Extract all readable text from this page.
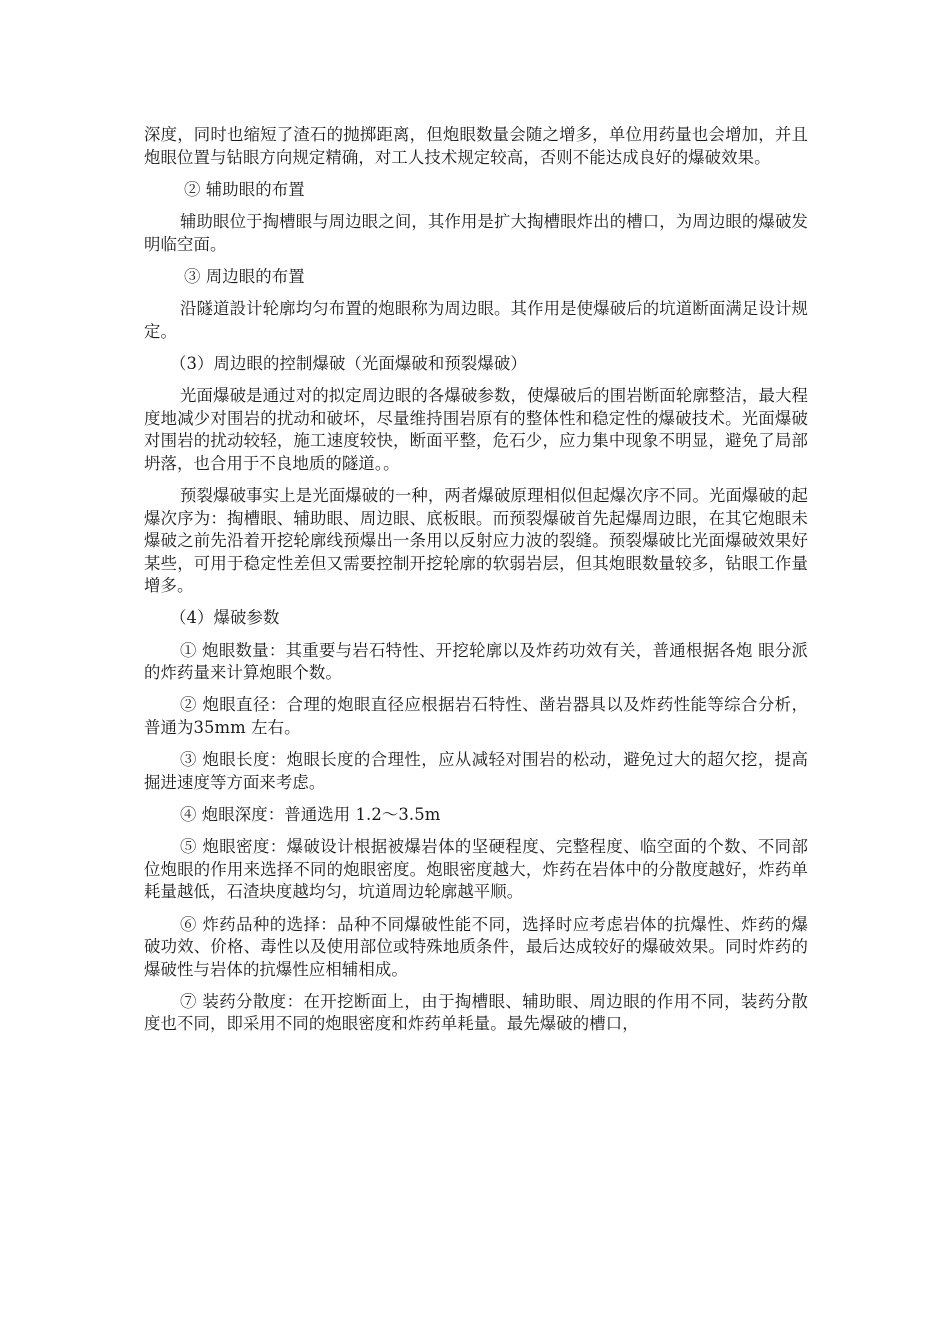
深度，同时也缩短了渣石的抛掷距离，但炮眼数量会随之增多，单位用药量也会增加，并且炮眼位置与钻眼方向规定精确，对工人技术规定较高，否则不能达成良好的爆破效果。

② 辅助眼的布置

辅助眼位于掏槽眼与周边眼之间，其作用是扩大掏槽眼炸出的槽口，为周边眼的爆破发明临空面。

③ 周边眼的布置

沿隧道設计轮廓均匀布置的炮眼称为周边眼。其作用是使爆破后的坑道断面满足设计规定。

（3）周边眼的控制爆破（光面爆破和预裂爆破）

光面爆破是通过对的拟定周边眼的各爆破参数，使爆破后的围岩断面轮廓整洁，最大程度地减少对围岩的扰动和破坏，尽量维持围岩原有的整体性和稳定性的爆破技术。光面爆破对围岩的扰动较轻，施工速度较快，断面平整，危石少，应力集中现象不明显，避免了局部坍落，也合用于不良地质的隧道。。

预裂爆破事实上是光面爆破的一种，两者爆破原理相似但起爆次序不同。光面爆破的起爆次序为：掏槽眼、辅助眼、周边眼、底板眼。而预裂爆破首先起爆周边眼，在其它炮眼未爆破之前先沿着开挖轮廓线预爆出一条用以反射应力波的裂缝。预裂爆破比光面爆破效果好某些，可用于稳定性差但又需要控制开挖轮廓的软弱岩层，但其炮眼数量较多，钻眼工作量增多。

（4）爆破参数

① 炮眼数量：其重要与岩石特性、开挖轮廓以及炸药功效有关，普通根据各炮 眼分派的炸药量来计算炮眼个数。

② 炮眼直径：合理的炮眼直径应根据岩石特性、凿岩器具以及炸药性能等综合分析，普通为35mm 左右。

③ 炮眼长度：炮眼长度的合理性，应从减轻对围岩的松动，避免过大的超欠挖，提高掘进速度等方面来考虑。

④ 炮眼深度：普通选用 1.2～3.5m

⑤ 炮眼密度：爆破设计根据被爆岩体的坚硬程度、完整程度、临空面的个数、不同部位炮眼的作用来选择不同的炮眼密度。炮眼密度越大，炸药在岩体中的分散度越好，炸药单耗量越低，石渣块度越均匀，坑道周边轮廓越平顺。

⑥ 炸药品种的选择：品种不同爆破性能不同，选择时应考虑岩体的抗爆性、炸药的爆破功效、价格、毒性以及使用部位或特殊地质条件，最后达成较好的爆破效果。同时炸药的爆破性与岩体的抗爆性应相辅相成。

⑦ 装药分散度：在开挖断面上，由于掏槽眼、辅助眼、周边眼的作用不同，装药分散度也不同，即采用不同的炮眼密度和炸药单耗量。最先爆破的槽口，
